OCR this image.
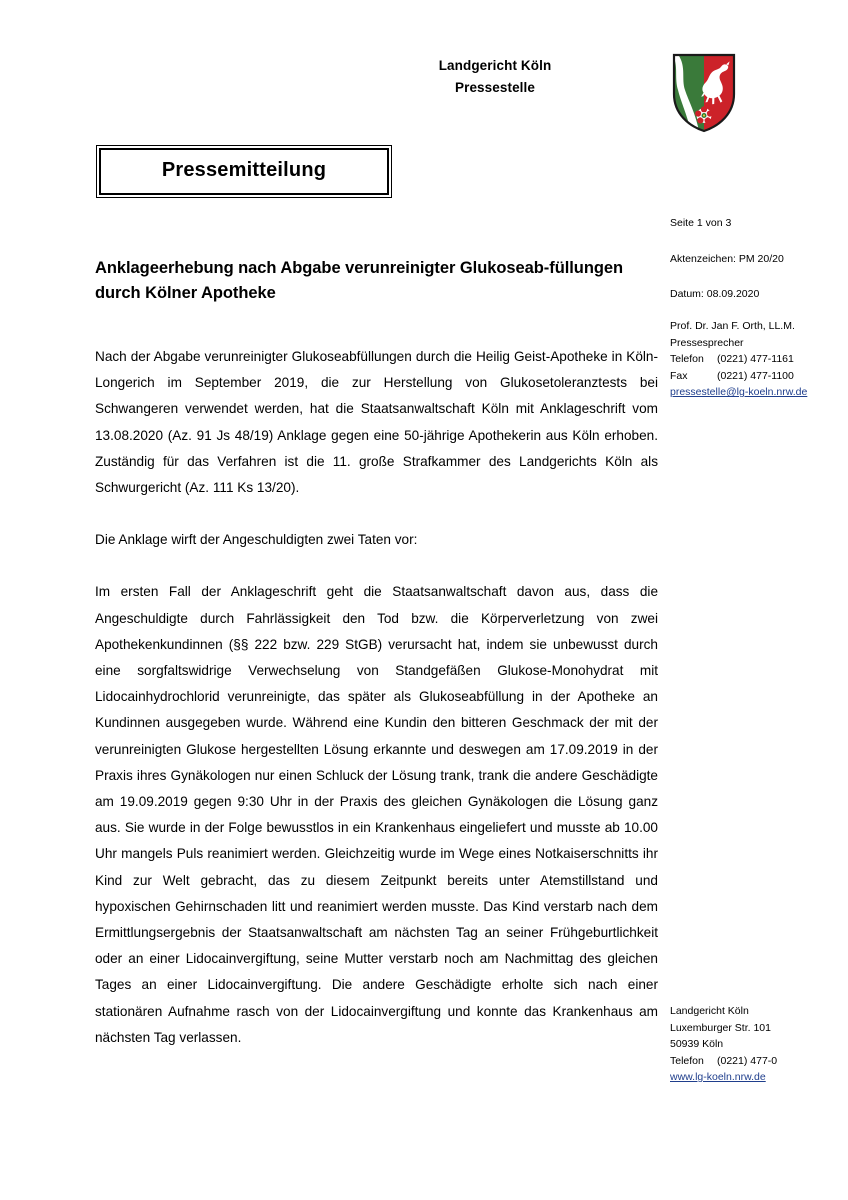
Landgericht Köln
Pressestelle
Pressemitteilung
Seite 1 von 3
Aktenzeichen: PM 20/20
Datum: 08.09.2020
Prof. Dr. Jan F. Orth, LL.M.
Pressesprecher
Telefon	(0221) 477-1161
Fax	(0221) 477-1100
pressestelle@lg-koeln.nrw.de
Landgericht Köln
Luxemburger Str. 101
50939 Köln
Telefon	(0221) 477-0
www.lg-koeln.nrw.de
Anklageerhebung nach Abgabe verunreinigter Glukoseab-füllungen durch Kölner Apotheke

Nach der Abgabe verunreinigter Glukoseabfüllungen durch die Heilig Geist-Apotheke in Köln-Longerich im September 2019, die zur Herstellung von Glukosetoleranztests bei Schwangeren verwendet werden, hat die Staatsanwaltschaft Köln mit Anklageschrift vom 13.08.2020 (Az. 91 Js 48/19) Anklage gegen eine 50-jährige Apothekerin aus Köln erhoben. Zuständig für das Verfahren ist die 11. große Strafkammer des Landgerichts Köln als Schwurgericht (Az. 111 Ks 13/20).

Die Anklage wirft der Angeschuldigten zwei Taten vor:

Im ersten Fall der Anklageschrift geht die Staatsanwaltschaft davon aus, dass die Angeschuldigte durch Fahrlässigkeit den Tod bzw. die Körperverletzung von zwei Apothekenkundinnen (§§ 222 bzw. 229 StGB) verursacht hat, indem sie unbewusst durch eine sorgfaltswidrige Verwechselung von Standgefäßen Glukose-Monohydrat mit Lidocainhydrochlorid verunreinigte, das später als Glukoseabfüllung in der Apotheke an Kundinnen ausgegeben wurde. Während eine Kundin den bitteren Geschmack der mit der verunreinigten Glukose hergestellten Lösung erkannte und deswegen am 17.09.2019 in der Praxis ihres Gynäkologen nur einen Schluck der Lösung trank, trank die andere Geschädigte am 19.09.2019 gegen 9:30 Uhr in der Praxis des gleichen Gynäkologen die Lösung ganz aus. Sie wurde in der Folge bewusstlos in ein Krankenhaus eingeliefert und musste ab 10.00 Uhr mangels Puls reanimiert werden. Gleichzeitig wurde im Wege eines Notkaiserschnitts ihr Kind zur Welt gebracht, das zu diesem Zeitpunkt bereits unter Atemstillstand und hypoxischen Gehirnschaden litt und reanimiert werden musste. Das Kind verstarb nach dem Ermittlungsergebnis der Staatsanwaltschaft am nächsten Tag an seiner Frühgeburtlichkeit oder an einer Lidocainvergiftung, seine Mutter verstarb noch am Nachmittag des gleichen Tages an einer Lidocainvergiftung. Die andere Geschädigte erholte sich nach einer stationären Aufnahme rasch von der Lidocainvergiftung und konnte das Krankenhaus am nächsten Tag verlassen.
